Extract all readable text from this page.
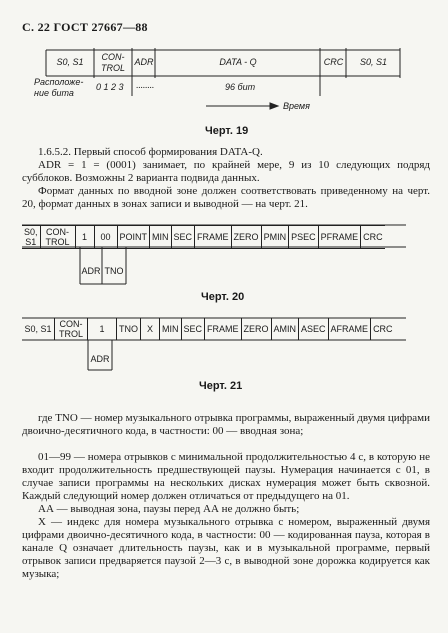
С. 22 ГОСТ 27667—88
S0, S1	CON-
TROL
ADR	DATA - Q	CRC	S0, S1
Расположе-
ние бита
0 1 2 3 ........	96 бит
Время
Черт. 19
1.6.5.2. Первый способ формирования DATA-Q.
ADR = 1 = (0001) занимает, по крайней мере, 9 из 10 следующих подряд субблоков. Возможны 2 варианта подвида данных.
Формат данных по вводной зоне должен соответствовать приведенному на черт. 20, формат данных в зонах записи и выводной — на черт. 21.
S0,
S1	CON-
TROL	1	00	POINT	MIN	SEC	FRAME	ZERO	PMIN	PSEC	PFRAME	CRC
ADR TNO
Черт. 20
S0, S1	CON-
TROL	1	TNO	X	MIN	SEC	FRAME	ZERO	AMIN	ASEC	AFRAME	CRC
ADR
Черт. 21
где TNO — номер музыкального отрывка программы, выраженный двумя цифрами двоично-десятичного кода, в частности: 00 — вводная зона;
01—99 — номера отрывков с минимальной продолжительностью 4 с, в которую не входит продолжительность предшествующей паузы. Нумерация начинается с 01, в случае записи программы на нескольких дисках нумерация может быть сквозной. Каждый следующий номер должен отличаться от предыдущего на 01.
АА — выводная зона, паузы перед АА не должно быть;
Х — индекс для номера музыкального отрывка с номером, выраженный двумя цифрами двоично-десятичного кода, в частности: 00 — кодированная пауза, которая в канале Q означает длительность паузы, как и в музыкальной программе, первый отрывок записи предваряется паузой 2—3 с, в выводной зоне дорожка кодируется как музыка;
